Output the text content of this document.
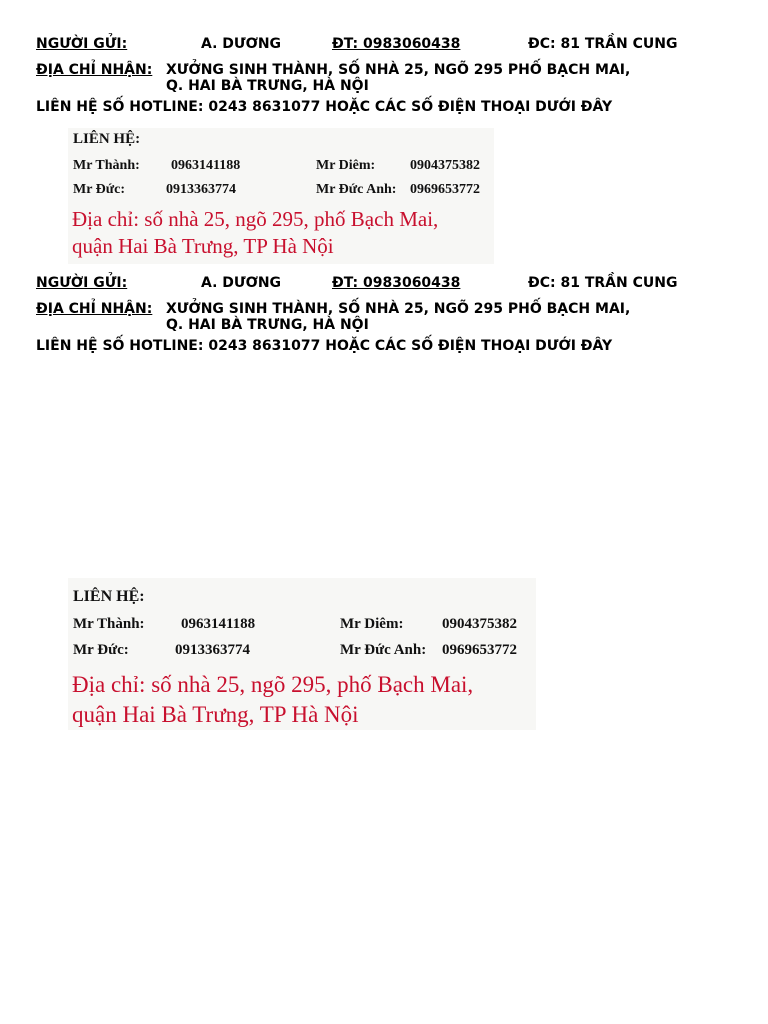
NGƯỜI GỬI:	A. DƯƠNG	ĐT: 0983060438	ĐC: 81 TRẦN CUNG
ĐỊA CHỈ NHẬN: XƯỞNG SINH THÀNH, SỐ NHÀ 25, NGÕ 295 PHỐ BẠCH MAI,
Q. HAI BÀ TRƯNG, HÀ NỘI
LIÊN HỆ SỐ HOTLINE: 0243 8631077 HOẶC CÁC SỐ ĐIỆN THOẠI DƯỚI ĐÂY
LIÊN HỆ:
Mr Thành: 0963141188	Mr Diêm: 0904375382
Mr Đức:	0913363774	Mr Đức Anh: 0969653772
Địa chỉ: số nhà 25, ngõ 295, phố Bạch Mai,
quận Hai Bà Trưng, TP Hà Nội
NGƯỜI GỬI:	A. DƯƠNG	ĐT: 0983060438	ĐC: 81 TRẦN CUNG
ĐỊA CHỈ NHẬN: XƯỞNG SINH THÀNH, SỐ NHÀ 25, NGÕ 295 PHỐ BẠCH MAI,
Q. HAI BÀ TRƯNG, HÀ NỘI
LIÊN HỆ SỐ HOTLINE: 0243 8631077 HOẶC CÁC SỐ ĐIỆN THOẠI DƯỚI ĐÂY
LIÊN HỆ:
Mr Thành: 0963141188	Mr Diêm:	0904375382
Mr Đức:	0913363774	Mr Đức Anh: 0969653772
Địa chỉ: số nhà 25, ngõ 295, phố Bạch Mai,
quận Hai Bà Trưng, TP Hà Nội
